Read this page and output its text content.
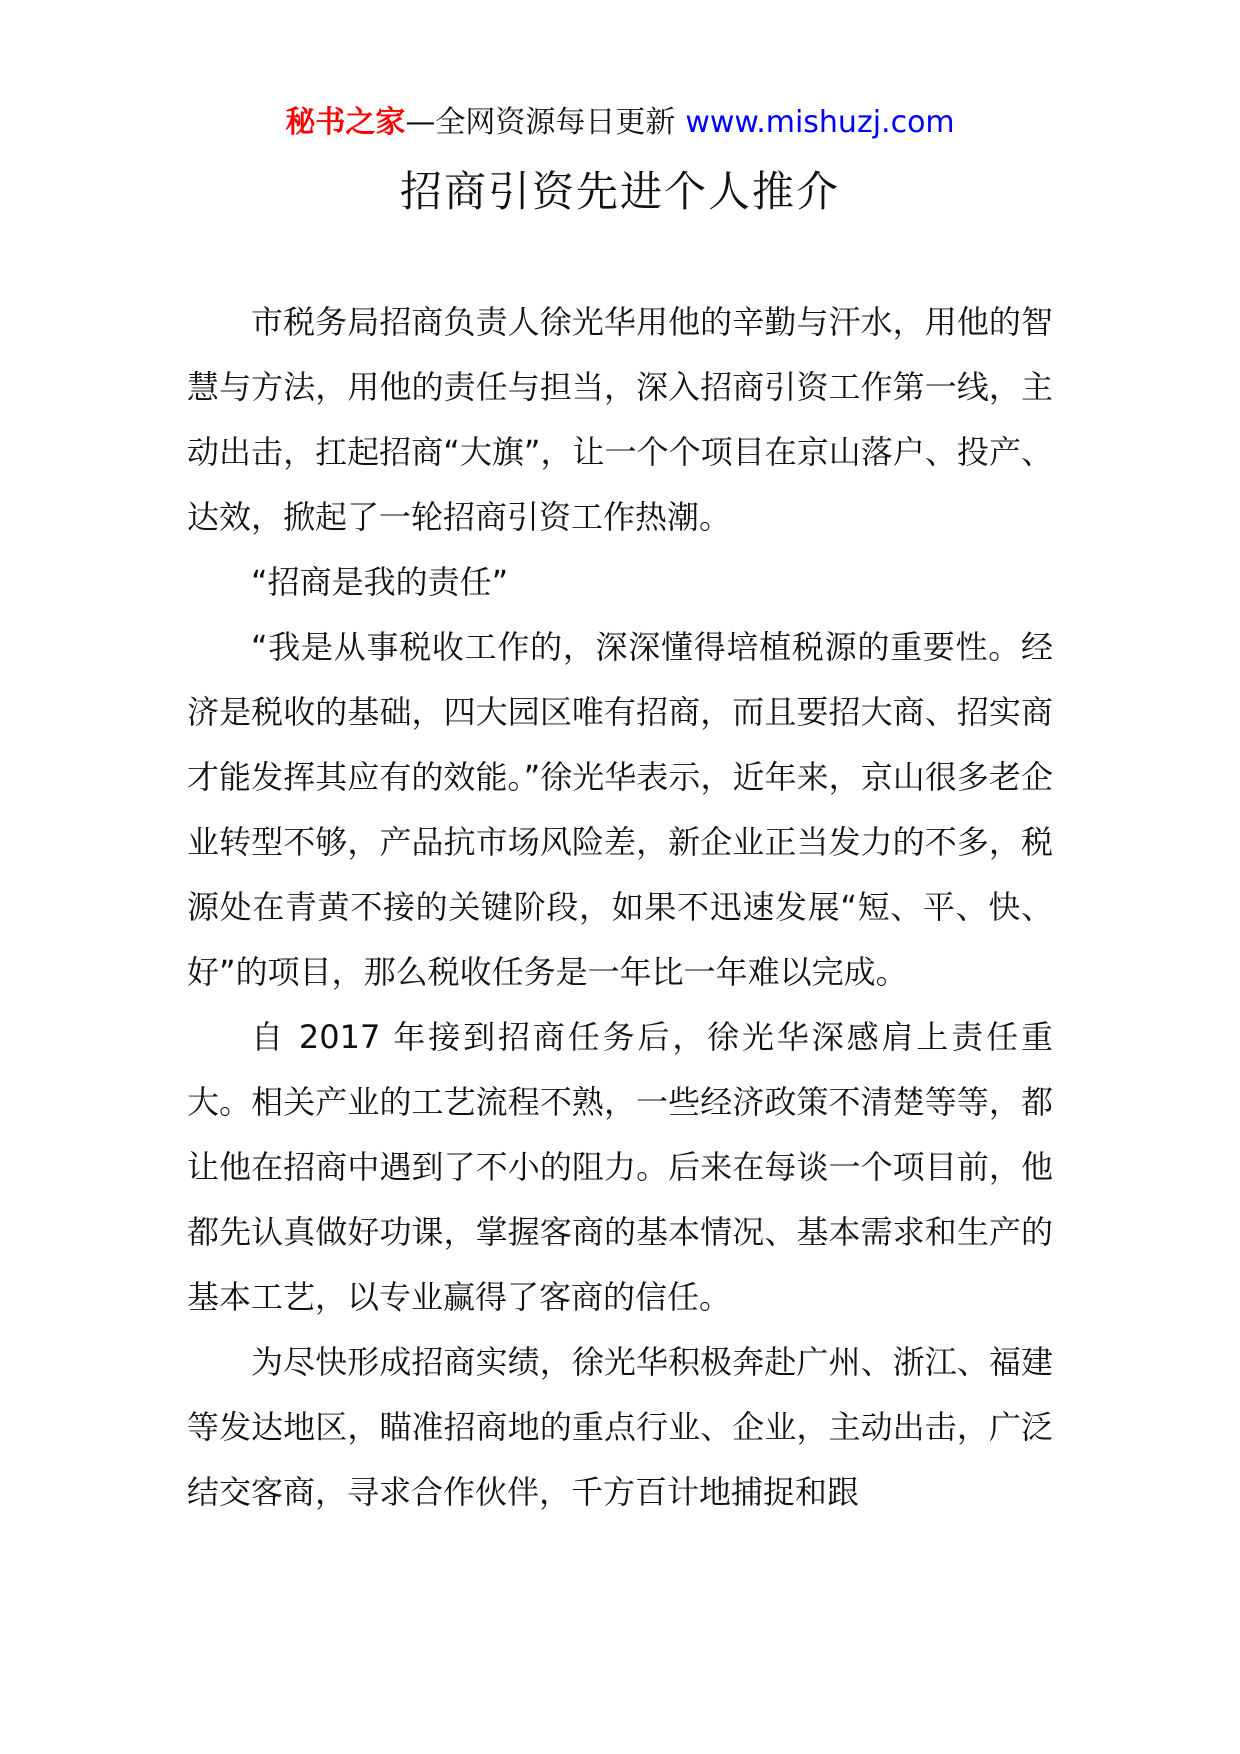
秘书之家—全网资源每日更新 www.mishuzj.com
招商引资先进个人推介

市税务局招商负责人徐光华用他的辛勤与汗水，用他的智慧与方法，用他的责任与担当，深入招商引资工作第一线，主动出击，扛起招商“大旗”，让一个个项目在京山落户、投产、达效，掀起了一轮招商引资工作热潮。

“招商是我的责任”

“我是从事税收工作的，深深懂得培植税源的重要性。经济是税收的基础，四大园区唯有招商，而且要招大商、招实商才能发挥其应有的效能。”徐光华表示，近年来，京山很多老企业转型不够，产品抗市场风险差，新企业正当发力的不多，税源处在青黄不接的关键阶段，如果不迅速发展“短、平、快、好”的项目，那么税收任务是一年比一年难以完成。

自 2017 年接到招商任务后，徐光华深感肩上责任重大。相关产业的工艺流程不熟，一些经济政策不清楚等等，都让他在招商中遇到了不小的阻力。后来在每谈一个项目前，他都先认真做好功课，掌握客商的基本情况、基本需求和生产的基本工艺，以专业赢得了客商的信任。

为尽快形成招商实绩，徐光华积极奔赴广州、浙江、福建等发达地区，瞄准招商地的重点行业、企业，主动出击，广泛结交客商，寻求合作伙伴，千方百计地捕捉和跟
